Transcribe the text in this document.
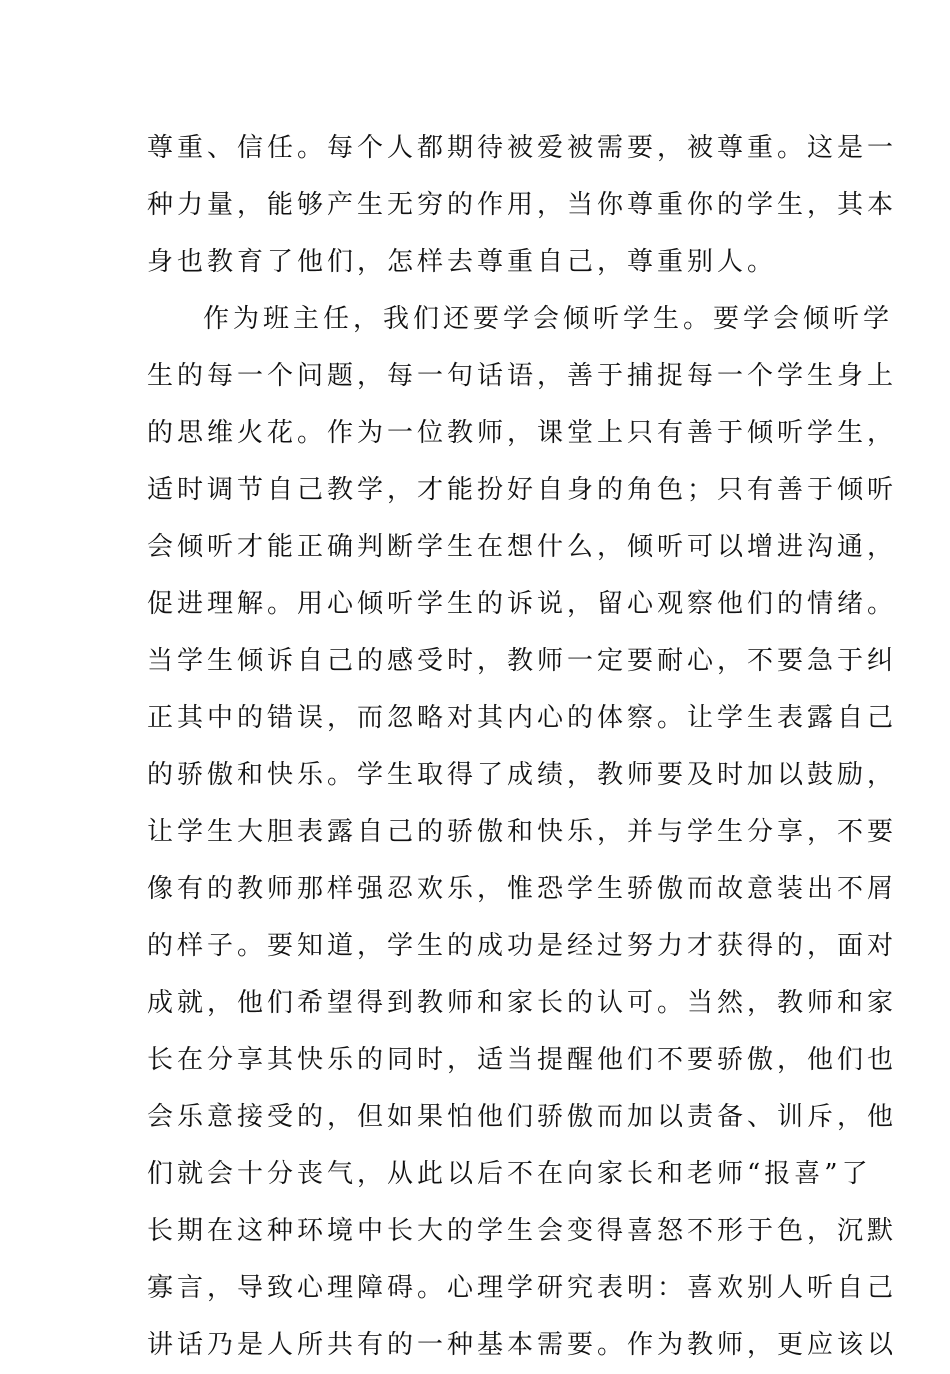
尊重、信任。每个人都期待被爱被需要，被尊重。这是一
种力量，能够产生无穷的作用，当你尊重你的学生，其本
身也教育了他们，怎样去尊重自己，尊重别人。
作为班主任，我们还要学会倾听学生。要学会倾听学
生的每一个问题，每一句话语，善于捕捉每一个学生身上
的思维火花。作为一位教师，课堂上只有善于倾听学生，
适时调节自己教学，才能扮好自身的角色；只有善于倾听
会倾听才能正确判断学生在想什么，倾听可以增进沟通，
促进理解。用心倾听学生的诉说，留心观察他们的情绪。
当学生倾诉自己的感受时，教师一定要耐心，不要急于纠
正其中的错误，而忽略对其内心的体察。让学生表露自己
的骄傲和快乐。学生取得了成绩，教师要及时加以鼓励，
让学生大胆表露自己的骄傲和快乐，并与学生分享，不要
像有的教师那样强忍欢乐，惟恐学生骄傲而故意装出不屑
的样子。要知道，学生的成功是经过努力才获得的，面对
成就，他们希望得到教师和家长的认可。当然，教师和家
长在分享其快乐的同时，适当提醒他们不要骄傲，他们也
会乐意接受的，但如果怕他们骄傲而加以责备、训斥，他
们就会十分丧气，从此以后不在向家长和老师“报喜”了
长期在这种环境中长大的学生会变得喜怒不形于色，沉默
寡言，导致心理障碍。心理学研究表明：喜欢别人听自己
讲话乃是人所共有的一种基本需要。作为教师，更应该以
